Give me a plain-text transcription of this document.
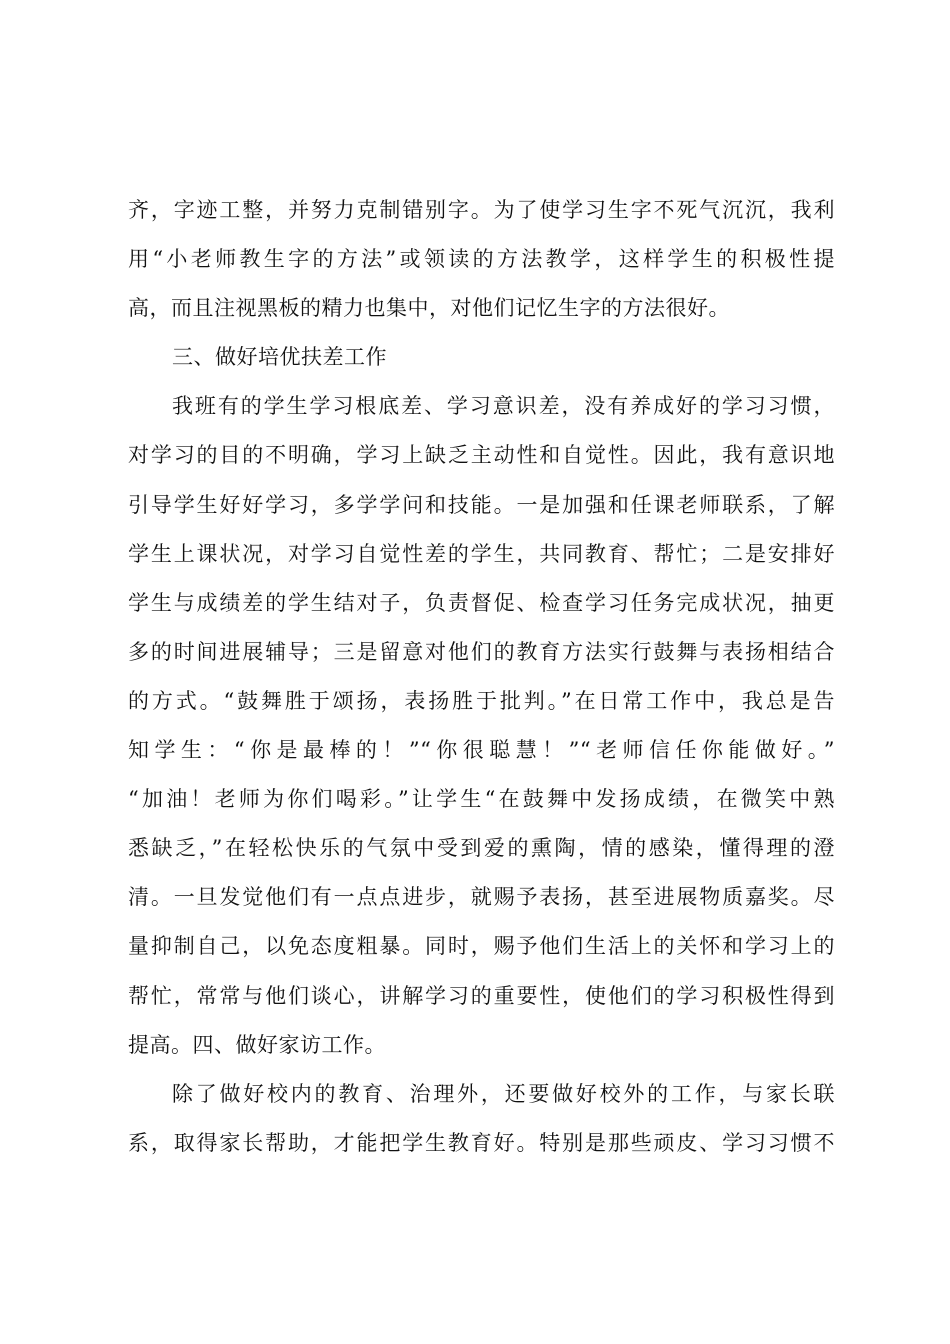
齐，字迹工整，并努力克制错别字。为了使学习生字不死气沉沉，我利
用“小老师教生字的方法”或领读的方法教学，这样学生的积极性提
高，而且注视黑板的精力也集中，对他们记忆生字的方法很好。
三、做好培优扶差工作
我班有的学生学习根底差、学习意识差，没有养成好的学习习惯，
对学习的目的不明确，学习上缺乏主动性和自觉性。因此，我有意识地
引导学生好好学习，多学学问和技能。一是加强和任课老师联系，了解
学生上课状况，对学习自觉性差的学生，共同教育、帮忙；二是安排好
学生与成绩差的学生结对子，负责督促、检查学习任务完成状况，抽更
多的时间进展辅导；三是留意对他们的教育方法实行鼓舞与表扬相结合
的方式。“鼓舞胜于颂扬，表扬胜于批判。”在日常工作中，我总是告
知学生：“你是最棒的！”“你很聪慧！”“老师信任你能做好。”
“加油！老师为你们喝彩。”让学生“在鼓舞中发扬成绩，在微笑中熟
悉缺乏，”在轻松快乐的气氛中受到爱的熏陶，情的感染，懂得理的澄
清。一旦发觉他们有一点点进步，就赐予表扬，甚至进展物质嘉奖。尽
量抑制自己，以免态度粗暴。同时，赐予他们生活上的关怀和学习上的
帮忙，常常与他们谈心，讲解学习的重要性，使他们的学习积极性得到
提高。四、做好家访工作。
除了做好校内的教育、治理外，还要做好校外的工作，与家长联
系，取得家长帮助，才能把学生教育好。特别是那些顽皮、学习习惯不
